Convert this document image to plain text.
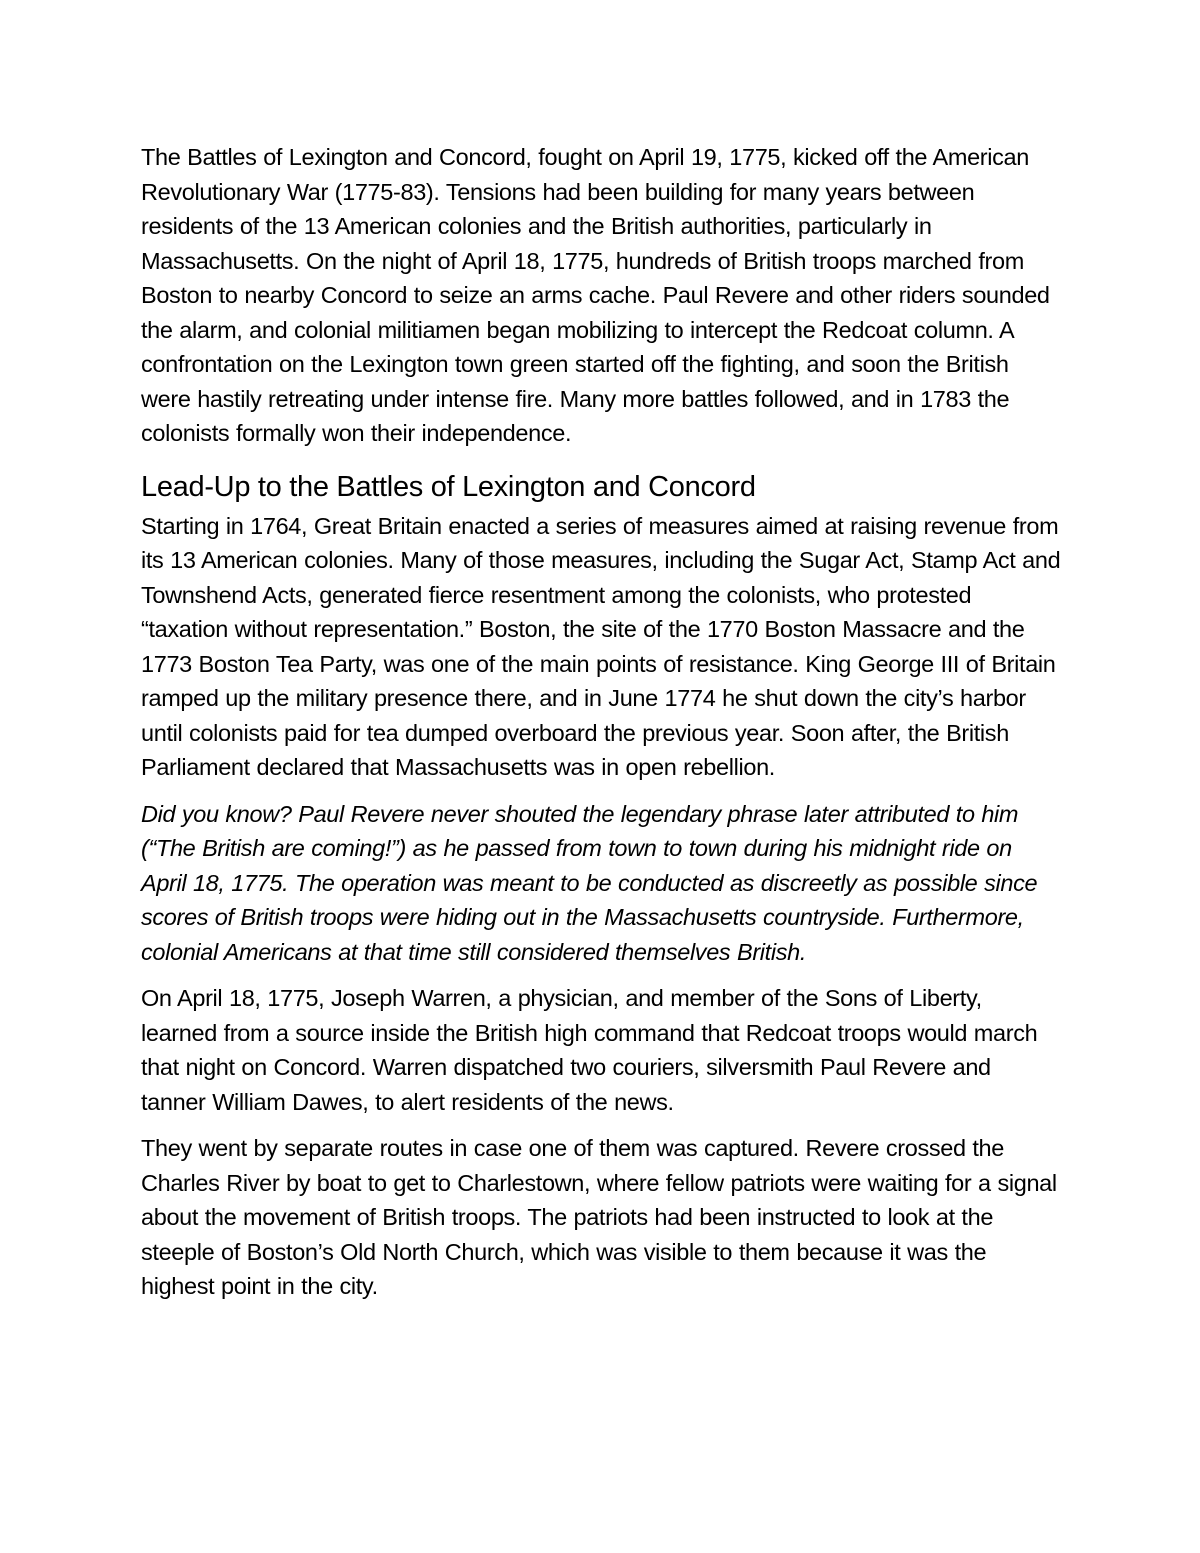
The Battles of Lexington and Concord, fought on April 19, 1775, kicked off the American Revolutionary War (1775-83). Tensions had been building for many years between residents of the 13 American colonies and the British authorities, particularly in Massachusetts. On the night of April 18, 1775, hundreds of British troops marched from Boston to nearby Concord to seize an arms cache. Paul Revere and other riders sounded the alarm, and colonial militiamen began mobilizing to intercept the Redcoat column. A confrontation on the Lexington town green started off the fighting, and soon the British were hastily retreating under intense fire. Many more battles followed, and in 1783 the colonists formally won their independence.

Lead-Up to the Battles of Lexington and Concord

Starting in 1764, Great Britain enacted a series of measures aimed at raising revenue from its 13 American colonies. Many of those measures, including the Sugar Act, Stamp Act and Townshend Acts, generated fierce resentment among the colonists, who protested “taxation without representation.” Boston, the site of the 1770 Boston Massacre and the 1773 Boston Tea Party, was one of the main points of resistance. King George III of Britain ramped up the military presence there, and in June 1774 he shut down the city’s harbor until colonists paid for tea dumped overboard the previous year. Soon after, the British Parliament declared that Massachusetts was in open rebellion.

Did you know? Paul Revere never shouted the legendary phrase later attributed to him (“The British are coming!”) as he passed from town to town during his midnight ride on April 18, 1775. The operation was meant to be conducted as discreetly as possible since scores of British troops were hiding out in the Massachusetts countryside. Furthermore, colonial Americans at that time still considered themselves British.

On April 18, 1775, Joseph Warren, a physician, and member of the Sons of Liberty, learned from a source inside the British high command that Redcoat troops would march that night on Concord. Warren dispatched two couriers, silversmith Paul Revere and tanner William Dawes, to alert residents of the news.

They went by separate routes in case one of them was captured. Revere crossed the Charles River by boat to get to Charlestown, where fellow patriots were waiting for a signal about the movement of British troops. The patriots had been instructed to look at the steeple of Boston’s Old North Church, which was visible to them because it was the highest point in the city.
